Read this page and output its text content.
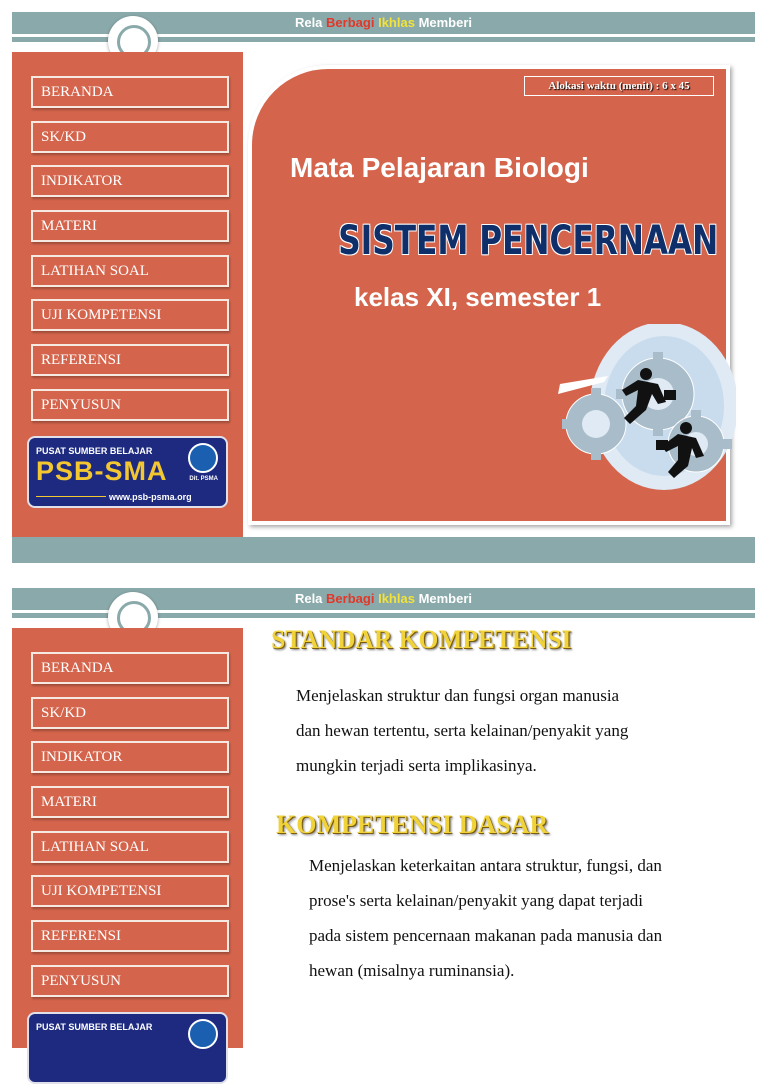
Rela Berbagi Ikhlas Memberi
BERANDA
SK/KD
INDIKATOR
MATERI
LATIHAN SOAL
UJI KOMPETENSI
REFERENSI
PENYUSUN
PUSAT SUMBER BELAJAR
PSB-SMA
www.psb-psma.org
Dit. PSMA
Alokasi waktu (menit) : 6 x 45
Mata Pelajaran Biologi
SISTEM PENCERNAAN
kelas XI, semester 1
Rela Berbagi Ikhlas Memberi
BERANDA
SK/KD
INDIKATOR
MATERI
LATIHAN SOAL
UJI KOMPETENSI
REFERENSI
PENYUSUN
PUSAT SUMBER BELAJAR
STANDAR KOMPETENSI
Menjelaskan struktur dan fungsi organ manusia
dan hewan tertentu, serta kelainan/penyakit yang
mungkin terjadi serta implikasinya.
KOMPETENSI DASAR
Menjelaskan keterkaitan antara struktur, fungsi, dan
prose's serta kelainan/penyakit yang dapat terjadi
pada sistem pencernaan makanan pada manusia dan
hewan (misalnya ruminansia).
